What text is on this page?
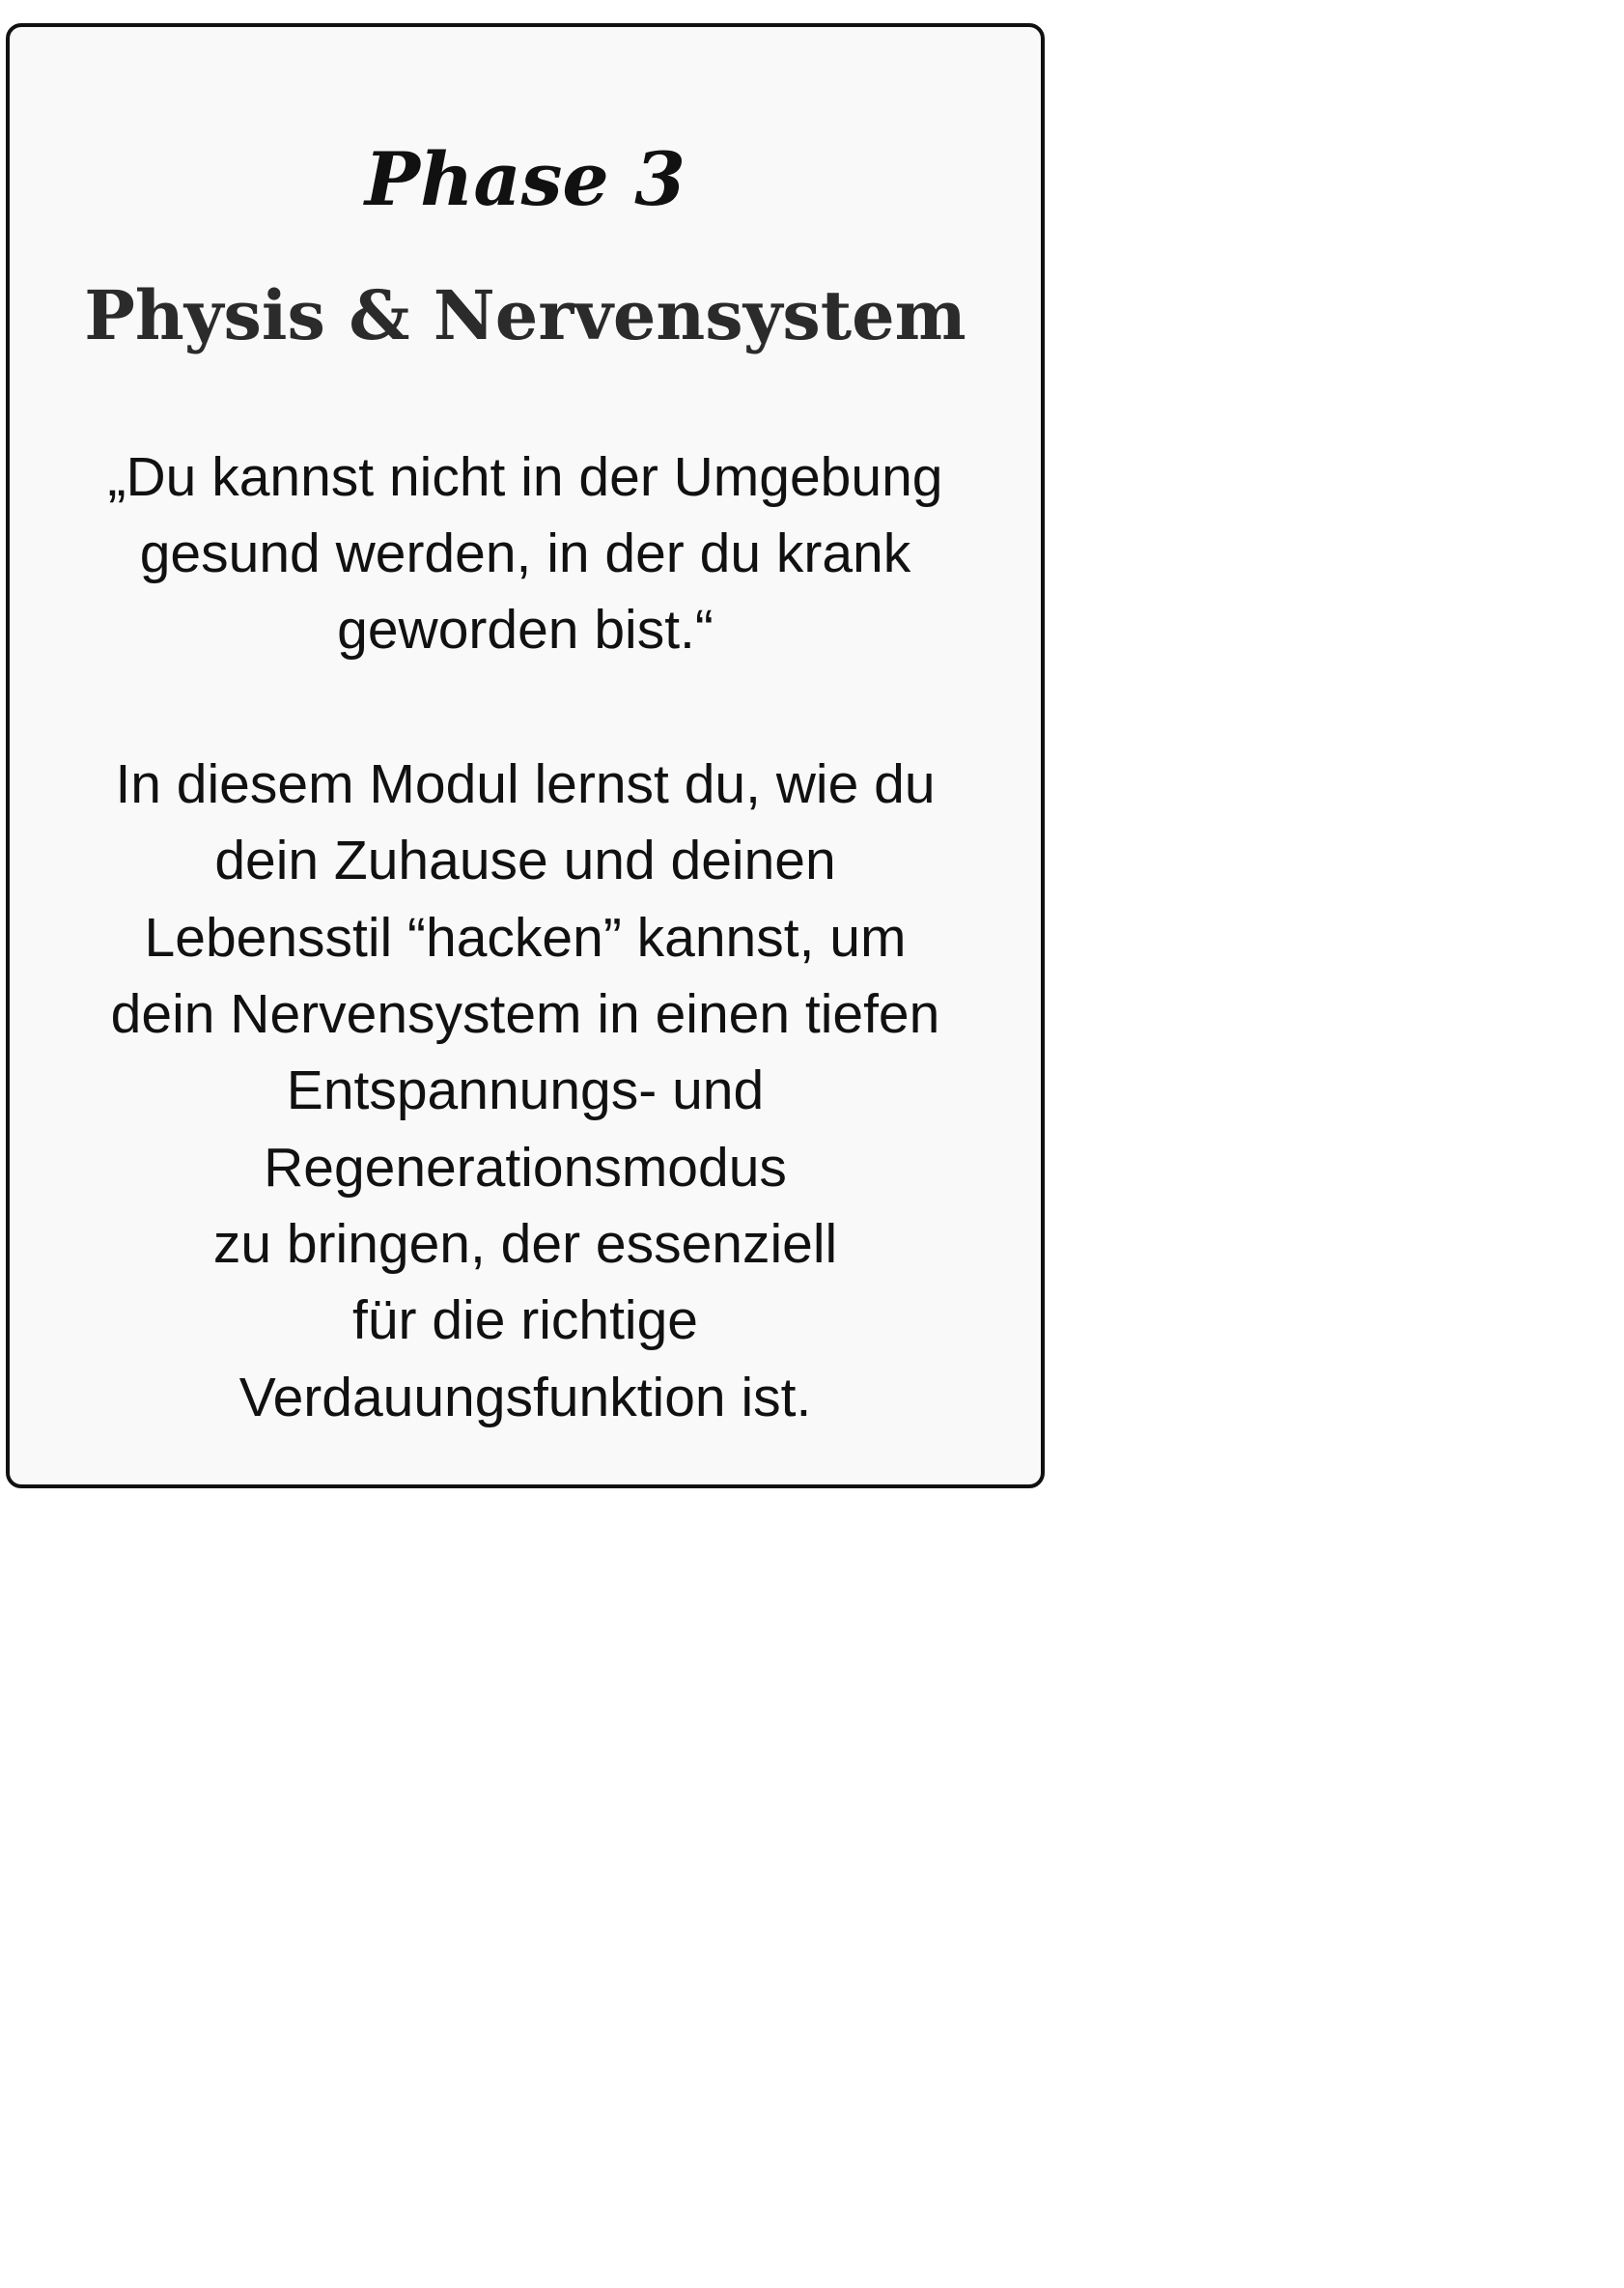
Phase 3
Physis & Nervensystem

„Du kannst nicht in der Umgebung

gesund werden, in der du krank

geworden bist.“

In diesem Modul lernst du, wie du

dein Zuhause und deinen

Lebensstil “hacken” kannst, um

dein Nervensystem in einen tiefen

Entspannungs- und

Regenerationsmodus

zu bringen, der essenziell

für die richtige

Verdauungsfunktion ist.
